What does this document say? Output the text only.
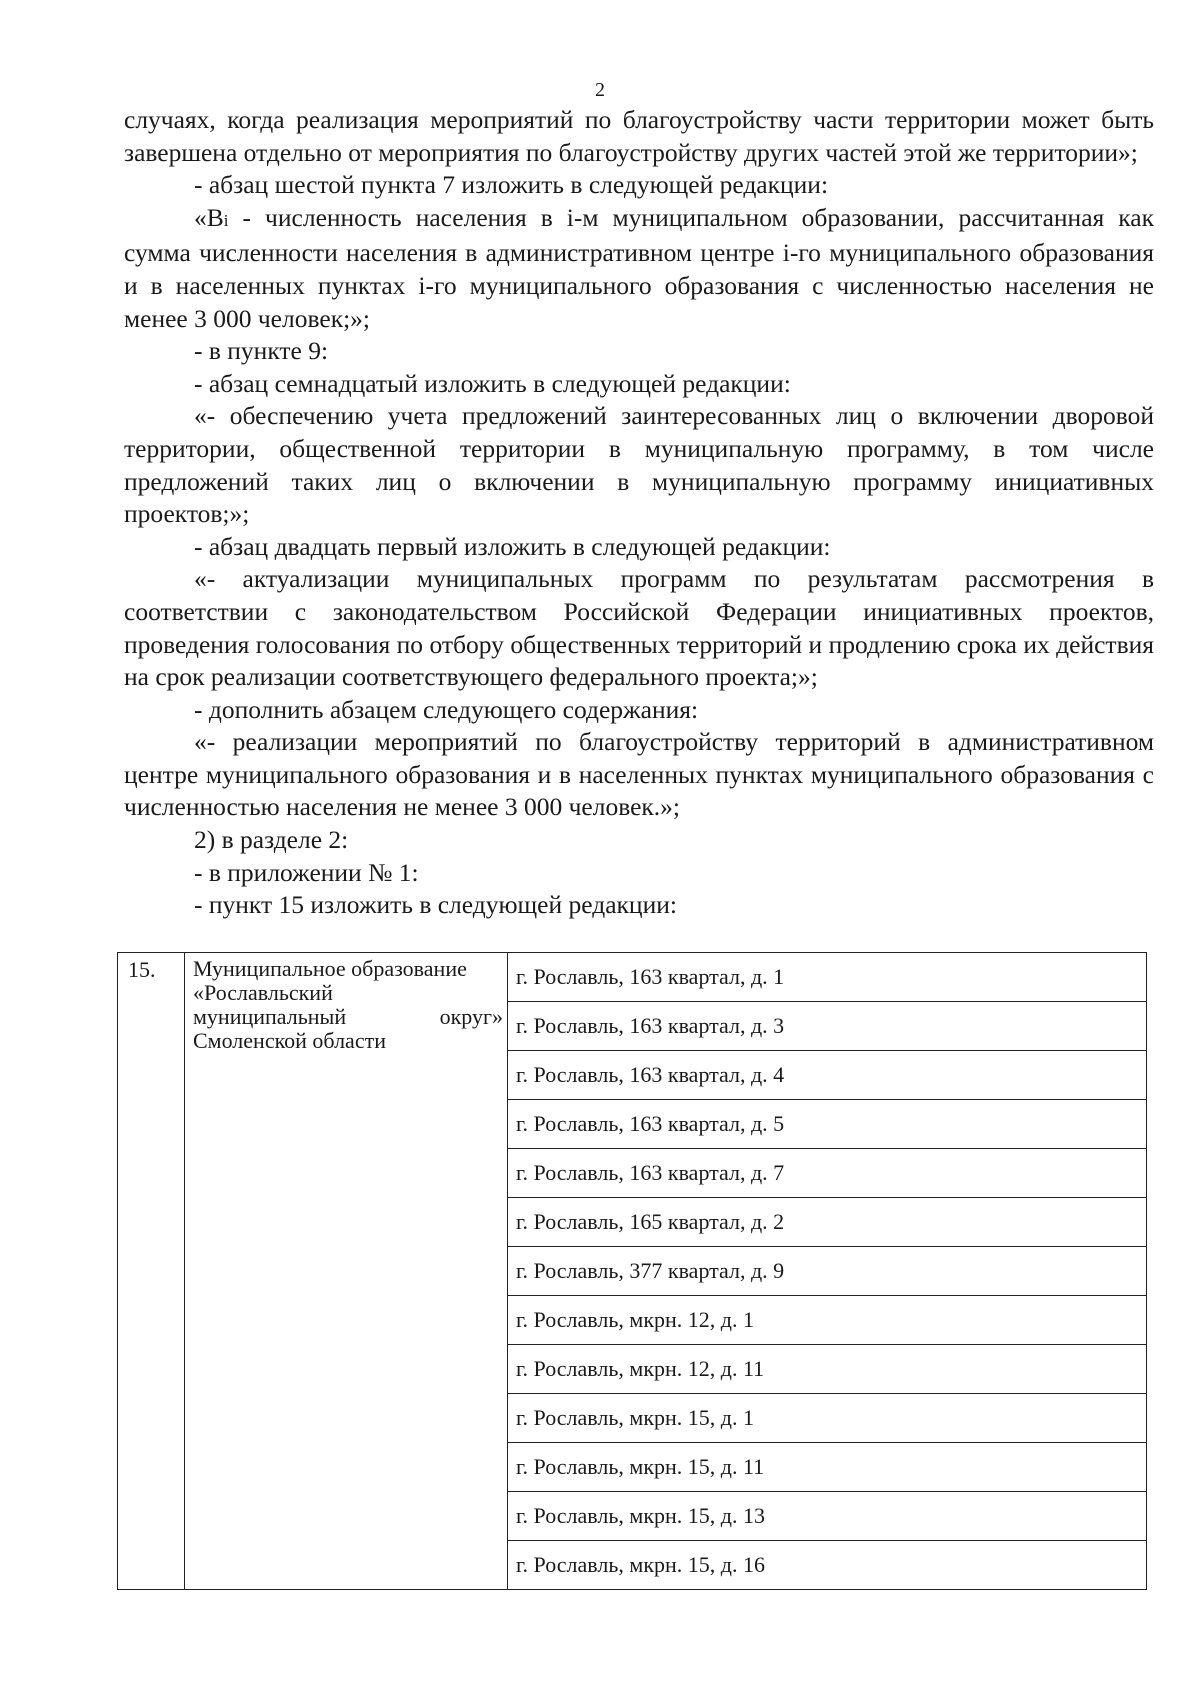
2

случаях, когда реализация мероприятий по благоустройству части территории может быть завершена отдельно от мероприятия по благоустройству других частей этой же территории»;

- абзац шестой пункта 7 изложить в следующей редакции:

«Bi - численность населения в i-м муниципальном образовании, рассчитанная как сумма численности населения в административном центре i-го муниципального образования и в населенных пунктах i-го муниципального образования с численностью населения не менее 3 000 человек;»;

- в пункте 9:

- абзац семнадцатый изложить в следующей редакции:

«- обеспечению учета предложений заинтересованных лиц о включении дворовой территории, общественной территории в муниципальную программу, в том числе предложений таких лиц о включении в муниципальную программу инициативных проектов;»;

- абзац двадцать первый изложить в следующей редакции:

«- актуализации муниципальных программ по результатам рассмотрения в соответствии с законодательством Российской Федерации инициативных проектов, проведения голосования по отбору общественных территорий и продлению срока их действия на срок реализации соответствующего федерального проекта;»;

- дополнить абзацем следующего содержания:

«- реализации мероприятий по благоустройству территорий в административном центре муниципального образования и в населенных пунктах муниципального образования с численностью населения не менее 3 000 человек.»;

2) в разделе 2:

- в приложении № 1:

- пункт 15 изложить в следующей редакции:

15.	Муниципальное образование
«Рославльский
муниципальный округ»
Смоленской области
	г. Рославль, 163 квартал, д. 1
г. Рославль, 163 квартал, д. 3
г. Рославль, 163 квартал, д. 4
г. Рославль, 163 квартал, д. 5
г. Рославль, 163 квартал, д. 7
г. Рославль, 165 квартал, д. 2
г. Рославль, 377 квартал, д. 9
г. Рославль, мкрн. 12, д. 1
г. Рославль, мкрн. 12, д. 11
г. Рославль, мкрн. 15, д. 1
г. Рославль, мкрн. 15, д. 11
г. Рославль, мкрн. 15, д. 13
г. Рославль, мкрн. 15, д. 16
